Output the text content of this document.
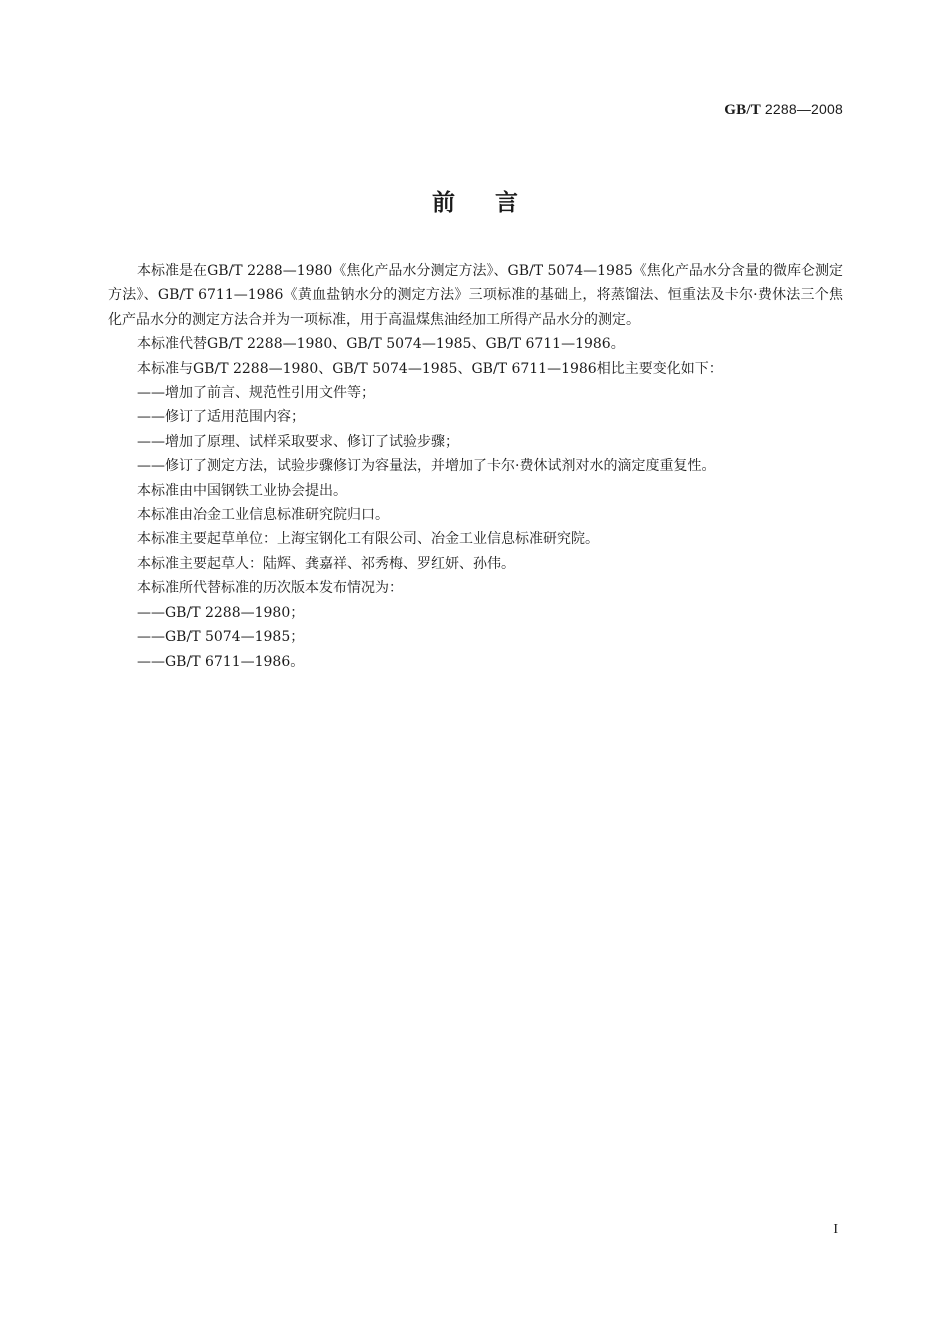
GB/T 2288—2008
前言

本标准是在GB/T 2288—1980《焦化产品水分测定方法》、GB/T 5074—1985《焦化产品水分含量的微库仑测定方法》、GB/T 6711—1986《黄血盐钠水分的测定方法》三项标准的基础上，将蒸馏法、恒重法及卡尔·费休法三个焦化产品水分的测定方法合并为一项标准，用于高温煤焦油经加工所得产品水分的测定。

本标准代替GB/T 2288—1980、GB/T 5074—1985、GB/T 6711—1986。

本标准与GB/T 2288—1980、GB/T 5074—1985、GB/T 6711—1986相比主要变化如下：

——增加了前言、规范性引用文件等；

——修订了适用范围内容；

——增加了原理、试样采取要求、修订了试验步骤；

——修订了测定方法，试验步骤修订为容量法，并增加了卡尔·费休试剂对水的滴定度重复性。

本标准由中国钢铁工业协会提出。

本标准由冶金工业信息标准研究院归口。

本标准主要起草单位：上海宝钢化工有限公司、冶金工业信息标准研究院。

本标准主要起草人：陆辉、龚嘉祥、祁秀梅、罗红妍、孙伟。

本标准所代替标准的历次版本发布情况为：

——GB/T 2288—1980；

——GB/T 5074—1985；

——GB/T 6711—1986。

I
